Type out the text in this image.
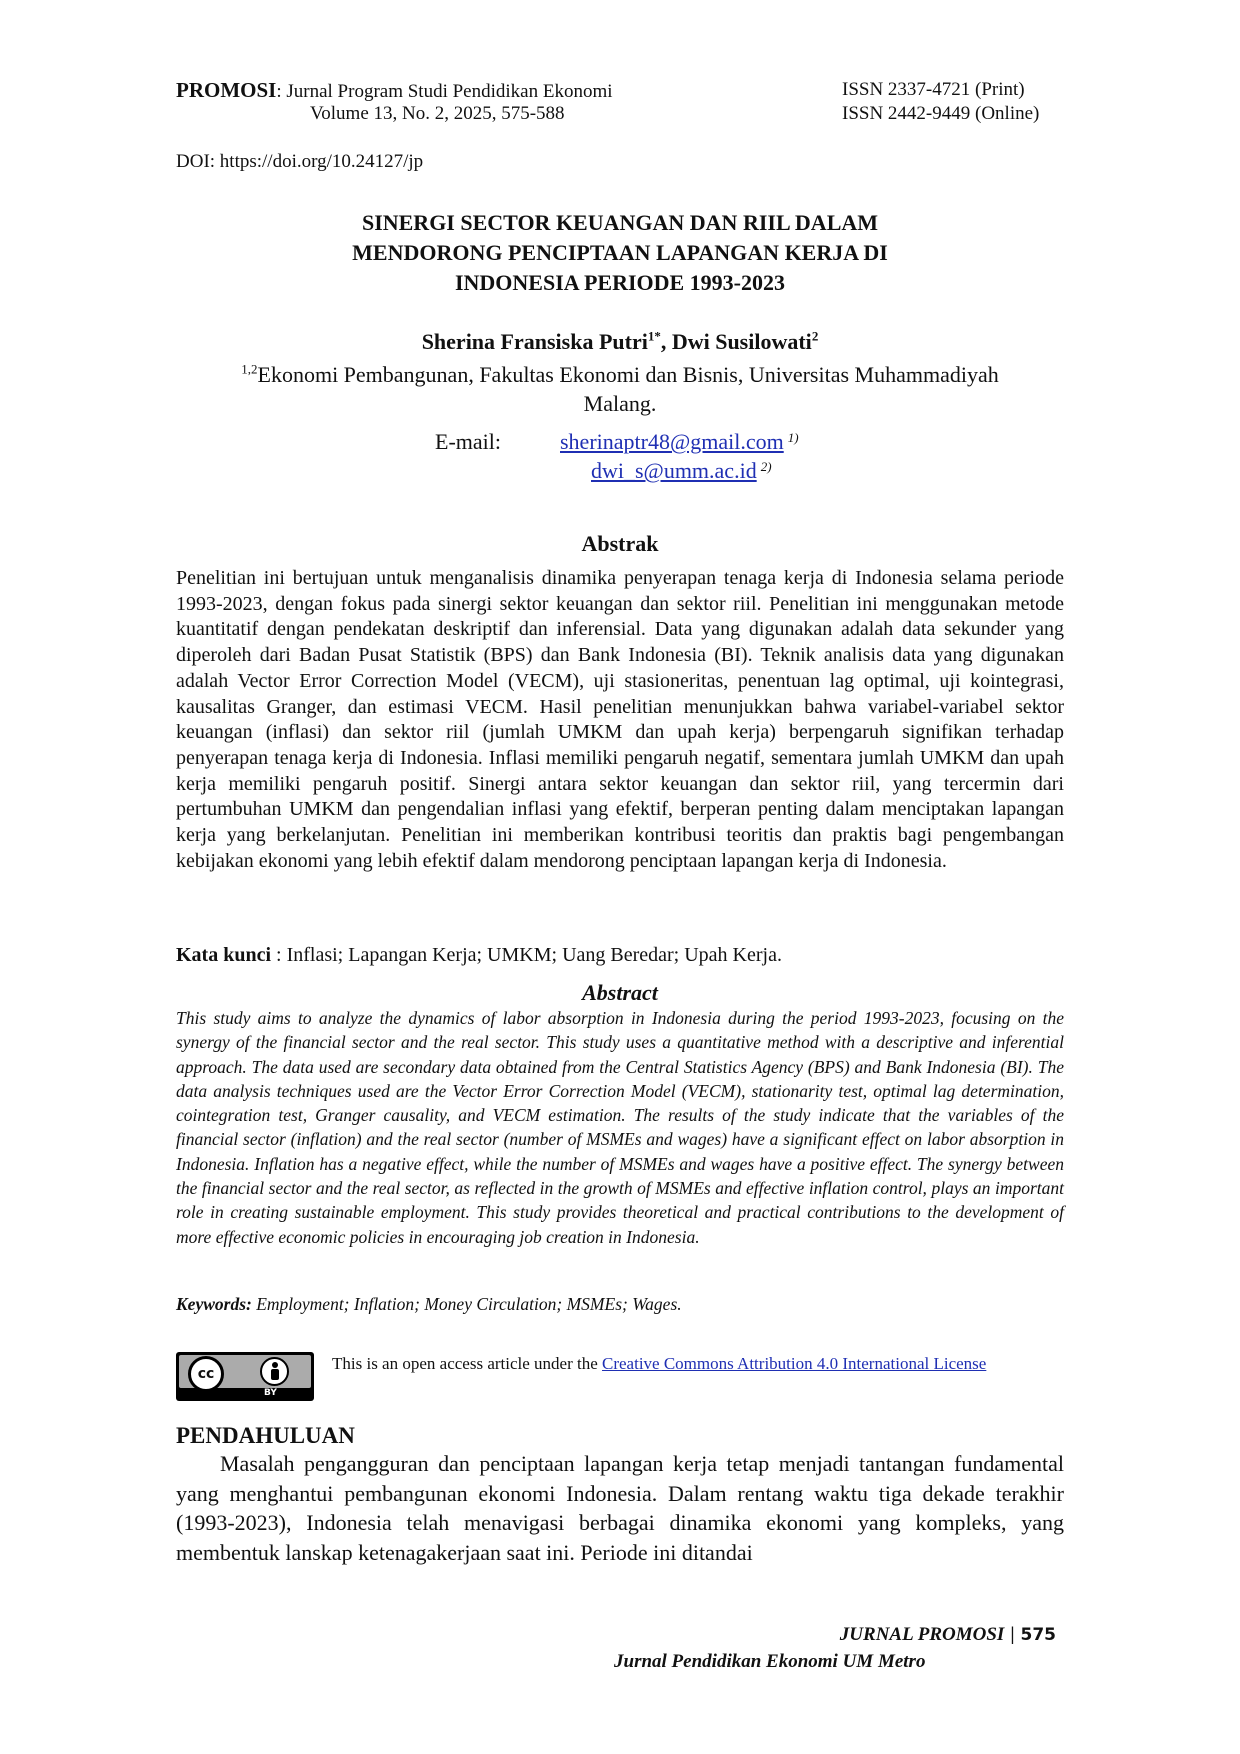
PROMOSI: Jurnal Program Studi Pendidikan Ekonomi
Volume 13, No. 2, 2025, 575-588
ISSN 2337-4721 (Print)
ISSN 2442-9449 (Online)
DOI: https://doi.org/10.24127/jp
SINERGI SECTOR KEUANGAN DAN RIIL DALAM
MENDORONG PENCIPTAAN LAPANGAN KERJA DI
INDONESIA PERIODE 1993-2023
Sherina Fransiska Putri$^{1*}$, Dwi Susilowati$^2$
$^{1,2}$Ekonomi Pembangunan, Fakultas Ekonomi dan Bisnis, Universitas Muhammadiyah
Malang.
E-mail:	sherinaptr48@gmail.com $^{1)}$
dwi_s@umm.ac.id $^{2)}$
Abstrak
Penelitian ini bertujuan untuk menganalisis dinamika penyerapan tenaga kerja di Indonesia selama periode 1993-2023, dengan fokus pada sinergi sektor keuangan dan sektor riil. Penelitian ini menggunakan metode kuantitatif dengan pendekatan deskriptif dan inferensial. Data yang digunakan adalah data sekunder yang diperoleh dari Badan Pusat Statistik (BPS) dan Bank Indonesia (BI). Teknik analisis data yang digunakan adalah Vector Error Correction Model (VECM), uji stasioneritas, penentuan lag optimal, uji kointegrasi, kausalitas Granger, dan estimasi VECM. Hasil penelitian menunjukkan bahwa variabel-variabel sektor keuangan (inflasi) dan sektor riil (jumlah UMKM dan upah kerja) berpengaruh signifikan terhadap penyerapan tenaga kerja di Indonesia. Inflasi memiliki pengaruh negatif, sementara jumlah UMKM dan upah kerja memiliki pengaruh positif. Sinergi antara sektor keuangan dan sektor riil, yang tercermin dari pertumbuhan UMKM dan pengendalian inflasi yang efektif, berperan penting dalam menciptakan lapangan kerja yang berkelanjutan. Penelitian ini memberikan kontribusi teoritis dan praktis bagi pengembangan kebijakan ekonomi yang lebih efektif dalam mendorong penciptaan lapangan kerja di Indonesia.
Kata kunci : Inflasi; Lapangan Kerja; UMKM; Uang Beredar; Upah Kerja.
Abstract
This study aims to analyze the dynamics of labor absorption in Indonesia during the period 1993-2023, focusing on the synergy of the financial sector and the real sector. This study uses a quantitative method with a descriptive and inferential approach. The data used are secondary data obtained from the Central Statistics Agency (BPS) and Bank Indonesia (BI). The data analysis techniques used are the Vector Error Correction Model (VECM), stationarity test, optimal lag determination, cointegration test, Granger causality, and VECM estimation. The results of the study indicate that the variables of the financial sector (inflation) and the real sector (number of MSMEs and wages) have a significant effect on labor absorption in Indonesia. Inflation has a negative effect, while the number of MSMEs and wages have a positive effect. The synergy between the financial sector and the real sector, as reflected in the growth of MSMEs and effective inflation control, plays an important role in creating sustainable employment. This study provides theoretical and practical contributions to the development of more effective economic policies in encouraging job creation in Indonesia.
Keywords: Employment; Inflation; Money Circulation; MSMEs; Wages.
cc
BY
This is an open access article under the Creative Commons Attribution 4.0 International License
PENDAHULUAN
Masalah pengangguran dan penciptaan lapangan kerja tetap menjadi tantangan fundamental yang menghantui pembangunan ekonomi Indonesia. Dalam rentang waktu tiga dekade terakhir (1993-2023), Indonesia telah menavigasi berbagai dinamika ekonomi yang kompleks, yang membentuk lanskap ketenagakerjaan saat ini. Periode ini ditandai
JURNAL PROMOSI | 575
Jurnal Pendidikan Ekonomi UM Metro
